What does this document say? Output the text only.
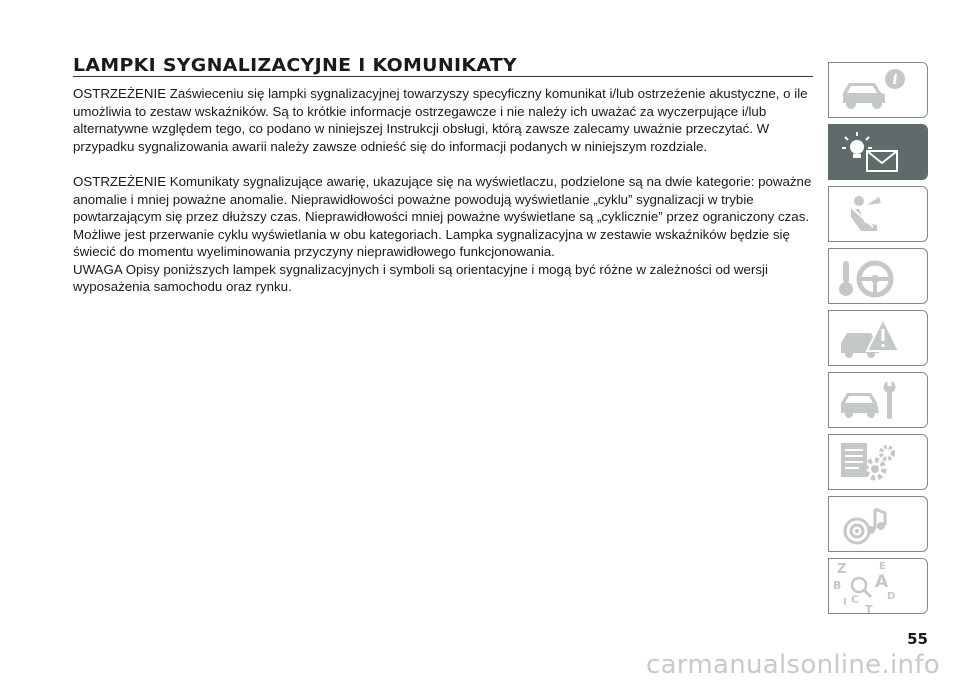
LAMPKI SYGNALIZACYJNE I KOMUNIKATY

OSTRZEŻENIE Zaświeceniu się lampki sygnalizacyjnej towarzyszy specyficzny komunikat i/lub ostrzeżenie akustyczne, o ile umożliwia to zestaw wskaźników. Są to krótkie informacje ostrzegawcze i nie należy ich uważać za wyczerpujące i/lub alternatywne względem tego, co podano w niniejszej Instrukcji obsługi, którą zawsze zalecamy uważnie przeczytać. W przypadku sygnalizowania awarii należy zawsze odnieść się do informacji podanych w niniejszym rozdziale.

OSTRZEŻENIE Komunikaty sygnalizujące awarię, ukazujące się na wyświetlaczu, podzielone są na dwie kategorie: poważne anomalie i mniej poważne anomalie. Nieprawidłowości poważne powodują wyświetlanie „cyklu” sygnalizacji w trybie powtarzającym się przez dłuższy czas. Nieprawidłowości mniej poważne wyświetlane są „cyklicznie” przez ograniczony czas. Możliwe jest przerwanie cyklu wyświetlania w obu kategoriach. Lampka sygnalizacyjna w zestawie wskaźników będzie się świecić do momentu wyeliminowania przyczyny nieprawidłowego funkcjonowania.

UWAGA Opisy poniższych lampek sygnalizacyjnych i symboli są orientacyjne i mogą być różne w zależności od wersji wyposażenia samochodu oraz rynku.

i
Z	E
A
B
C	D
T
I
55
carmanualsonline.info
